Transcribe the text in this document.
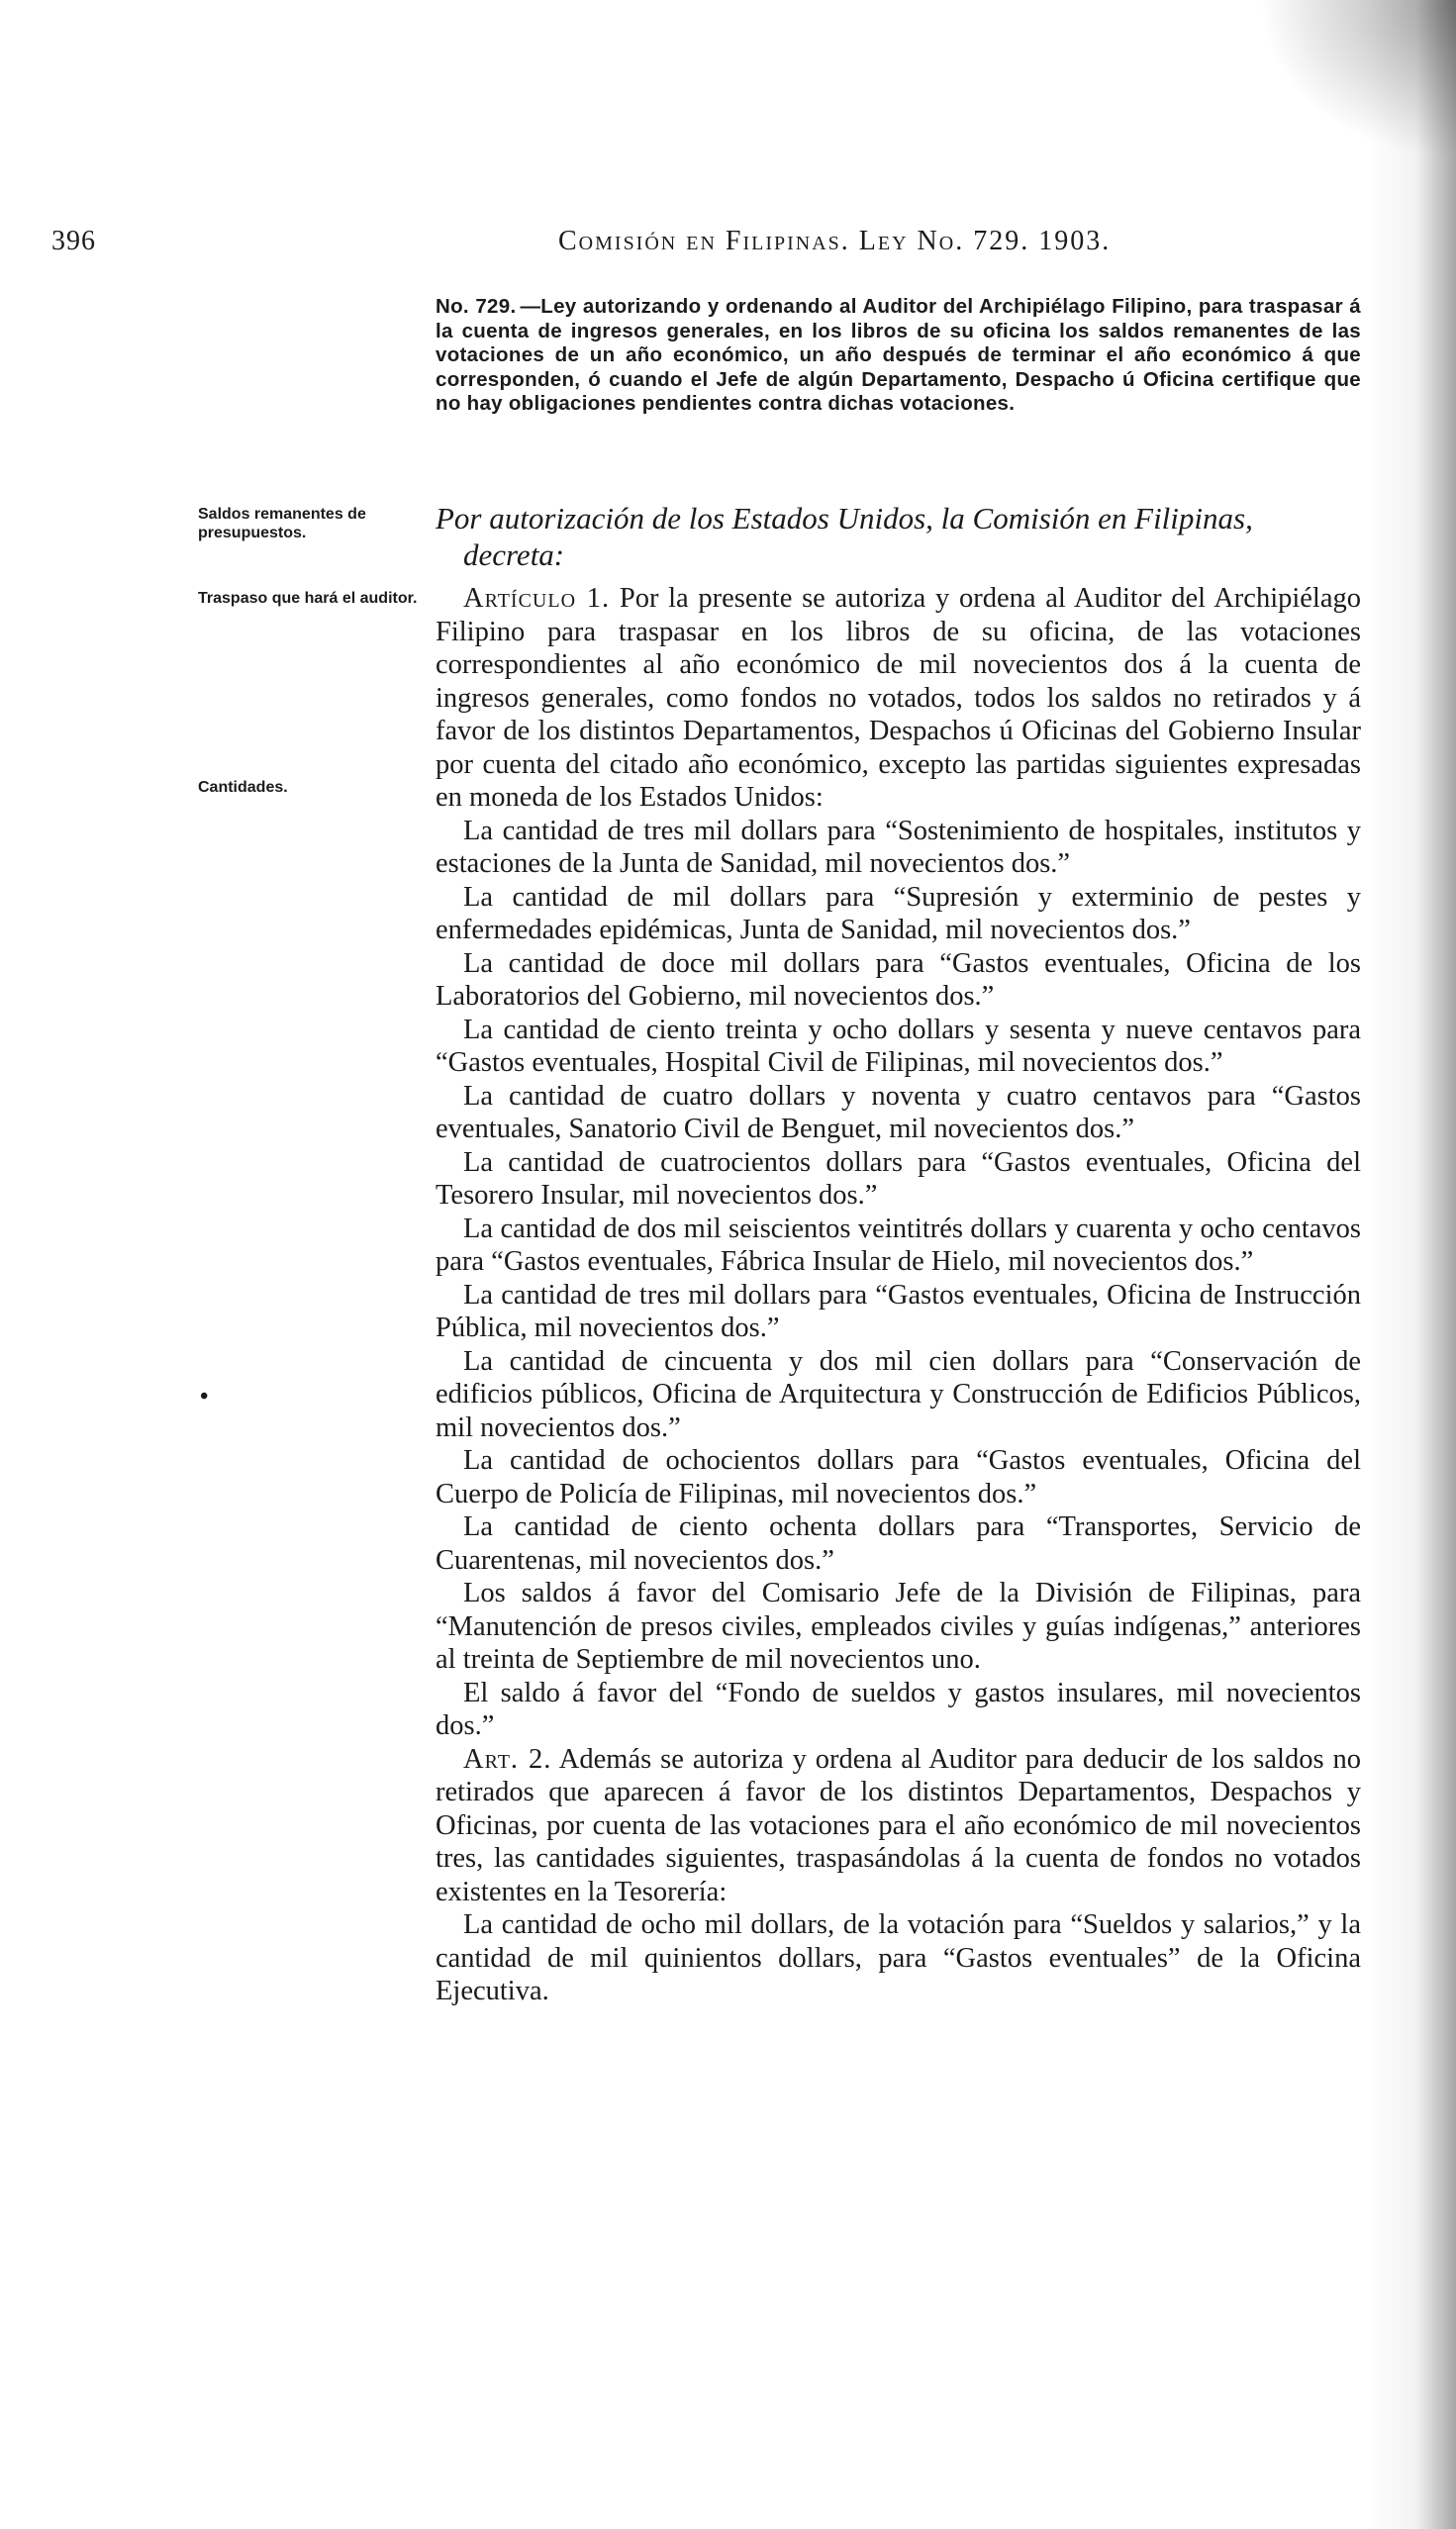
396	Comisión en Filipinas. Ley No. 729. 1903.

No. 729. —Ley autorizando y ordenando al Auditor del Archipiélago Filipino, para traspasar á la cuenta de ingresos generales, en los libros de su oficina los saldos remanentes de las votaciones de un año económico, un año después de terminar el año económico á que corresponden, ó cuando el Jefe de algún Departamento, Despacho ú Oficina certifique que no hay obligaciones pendientes contra dichas votaciones.

Saldos remanentes de presupuestos.

Traspaso que hará el auditor.

Cantidades.

Por autorización de los Estados Unidos, la Comisión en Filipinas,
decreta:

Artículo 1. Por la presente se autoriza y ordena al Auditor del Archipiélago Filipino para traspasar en los libros de su oficina, de las votaciones correspondientes al año económico de mil novecientos dos á la cuenta de ingresos generales, como fondos no votados, todos los saldos no retirados y á favor de los distintos Departamentos, Despachos ú Oficinas del Gobierno Insular por cuenta del citado año económico, excepto las partidas siguientes expresadas en moneda de los Estados Unidos:

La cantidad de tres mil dollars para “Sostenimiento de hospitales, institutos y estaciones de la Junta de Sanidad, mil novecientos dos.”

La cantidad de mil dollars para “Supresión y exterminio de pestes y enfermedades epidémicas, Junta de Sanidad, mil novecientos dos.”

La cantidad de doce mil dollars para “Gastos eventuales, Oficina de los Laboratorios del Gobierno, mil novecientos dos.”

La cantidad de ciento treinta y ocho dollars y sesenta y nueve centavos para “Gastos eventuales, Hospital Civil de Filipinas, mil novecientos dos.”

La cantidad de cuatro dollars y noventa y cuatro centavos para “Gastos eventuales, Sanatorio Civil de Benguet, mil novecientos dos.”

La cantidad de cuatrocientos dollars para “Gastos eventuales, Oficina del Tesorero Insular, mil novecientos dos.”

La cantidad de dos mil seiscientos veintitrés dollars y cuarenta y ocho centavos para “Gastos eventuales, Fábrica Insular de Hielo, mil novecientos dos.”

La cantidad de tres mil dollars para “Gastos eventuales, Oficina de Instrucción Pública, mil novecientos dos.”

La cantidad de cincuenta y dos mil cien dollars para “Conservación de edificios públicos, Oficina de Arquitectura y Construcción de Edificios Públicos, mil novecientos dos.”

La cantidad de ochocientos dollars para “Gastos eventuales, Oficina del Cuerpo de Policía de Filipinas, mil novecientos dos.”

La cantidad de ciento ochenta dollars para “Transportes, Servicio de Cuarentenas, mil novecientos dos.”

Los saldos á favor del Comisario Jefe de la División de Filipinas, para “Manutención de presos civiles, empleados civiles y guías indígenas,” anteriores al treinta de Septiembre de mil novecientos uno.

El saldo á favor del “Fondo de sueldos y gastos insulares, mil novecientos dos.”

Art. 2. Además se autoriza y ordena al Auditor para deducir de los saldos no retirados que aparecen á favor de los distintos Departamentos, Despachos y Oficinas, por cuenta de las votaciones para el año económico de mil novecientos tres, las cantidades siguientes, traspasándolas á la cuenta de fondos no votados existentes en la Tesorería:

La cantidad de ocho mil dollars, de la votación para “Sueldos y salarios,” y la cantidad de mil quinientos dollars, para “Gastos eventuales” de la Oficina Ejecutiva.

•
